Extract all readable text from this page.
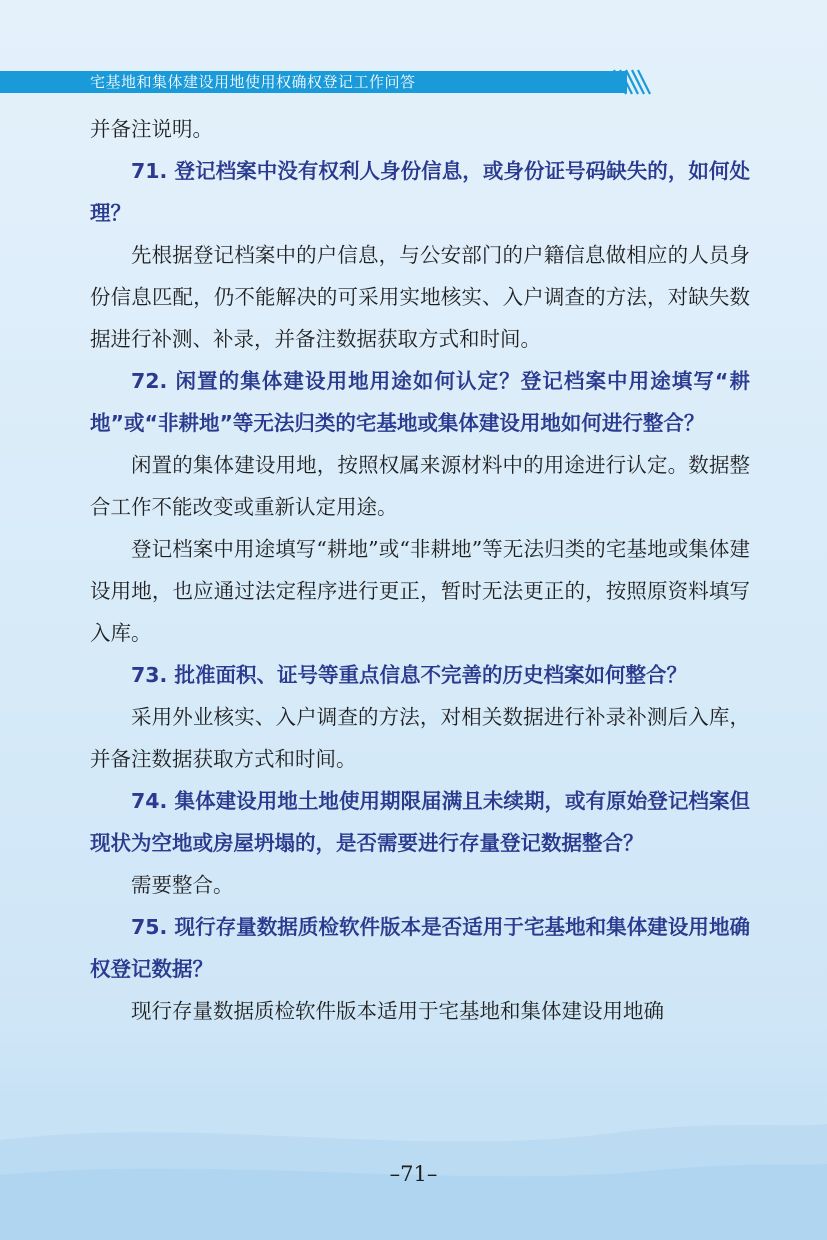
宅基地和集体建设用地使用权确权登记工作问答

并备注说明。

71. 登记档案中没有权利人身份信息，或身份证号码缺失的，如何处理？

先根据登记档案中的户信息，与公安部门的户籍信息做相应的人员身份信息匹配，仍不能解决的可采用实地核实、入户调查的方法，对缺失数据进行补测、补录，并备注数据获取方式和时间。

72. 闲置的集体建设用地用途如何认定？登记档案中用途填写“耕地”或“非耕地”等无法归类的宅基地或集体建设用地如何进行整合？

闲置的集体建设用地，按照权属来源材料中的用途进行认定。数据整合工作不能改变或重新认定用途。

登记档案中用途填写“耕地”或“非耕地”等无法归类的宅基地或集体建设用地，也应通过法定程序进行更正，暂时无法更正的，按照原资料填写入库。

73. 批准面积、证号等重点信息不完善的历史档案如何整合？

采用外业核实、入户调查的方法，对相关数据进行补录补测后入库，并备注数据获取方式和时间。

74. 集体建设用地土地使用期限届满且未续期，或有原始登记档案但现状为空地或房屋坍塌的，是否需要进行存量登记数据整合？

需要整合。

75. 现行存量数据质检软件版本是否适用于宅基地和集体建设用地确权登记数据？

现行存量数据质检软件版本适用于宅基地和集体建设用地确

–71–
